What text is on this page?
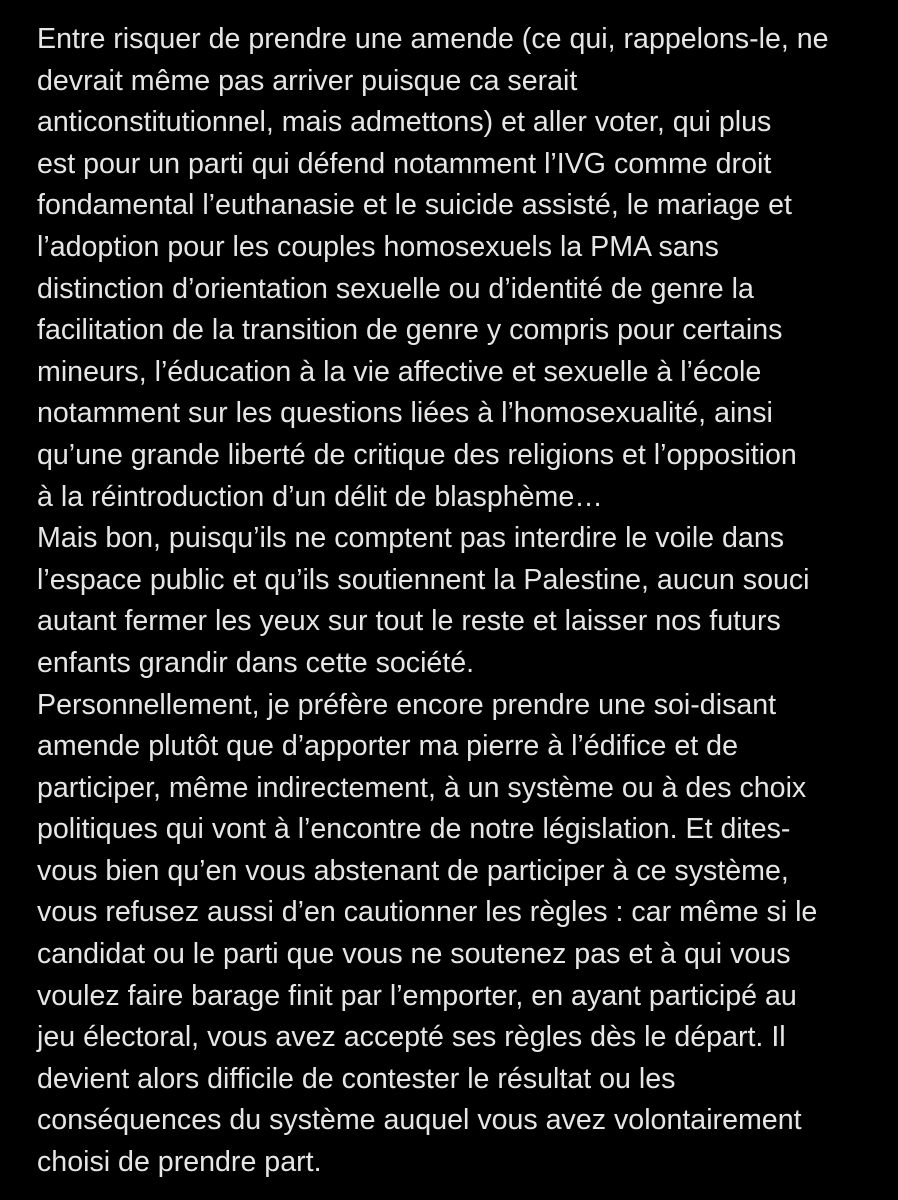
Entre risquer de prendre une amende (ce qui, rappelons-le, ne
devrait même pas arriver puisque ca serait
anticonstitutionnel, mais admettons) et aller voter, qui plus
est pour un parti qui défend notamment l’IVG comme droit
fondamental l’euthanasie et le suicide assisté, le mariage et
l’adoption pour les couples homosexuels la PMA sans
distinction d’orientation sexuelle ou d’identité de genre la
facilitation de la transition de genre y compris pour certains
mineurs, l’éducation à la vie affective et sexuelle à l’école
notamment sur les questions liées à l’homosexualité, ainsi
qu’une grande liberté de critique des religions et l’opposition
à la réintroduction d’un délit de blasphème…

Mais bon, puisqu’ils ne comptent pas interdire le voile dans
l’espace public et qu’ils soutiennent la Palestine, aucun souci
autant fermer les yeux sur tout le reste et laisser nos futurs
enfants grandir dans cette société.

Personnellement, je préfère encore prendre une soi-disant
amende plutôt que d’apporter ma pierre à l’édifice et de
participer, même indirectement, à un système ou à des choix
politiques qui vont à l’encontre de notre législation. Et dites-
vous bien qu’en vous abstenant de participer à ce système,
vous refusez aussi d’en cautionner les règles : car même si le
candidat ou le parti que vous ne soutenez pas et à qui vous
voulez faire barage finit par l’emporter, en ayant participé au
jeu électoral, vous avez accepté ses règles dès le départ. Il
devient alors difficile de contester le résultat ou les
conséquences du système auquel vous avez volontairement
choisi de prendre part.
